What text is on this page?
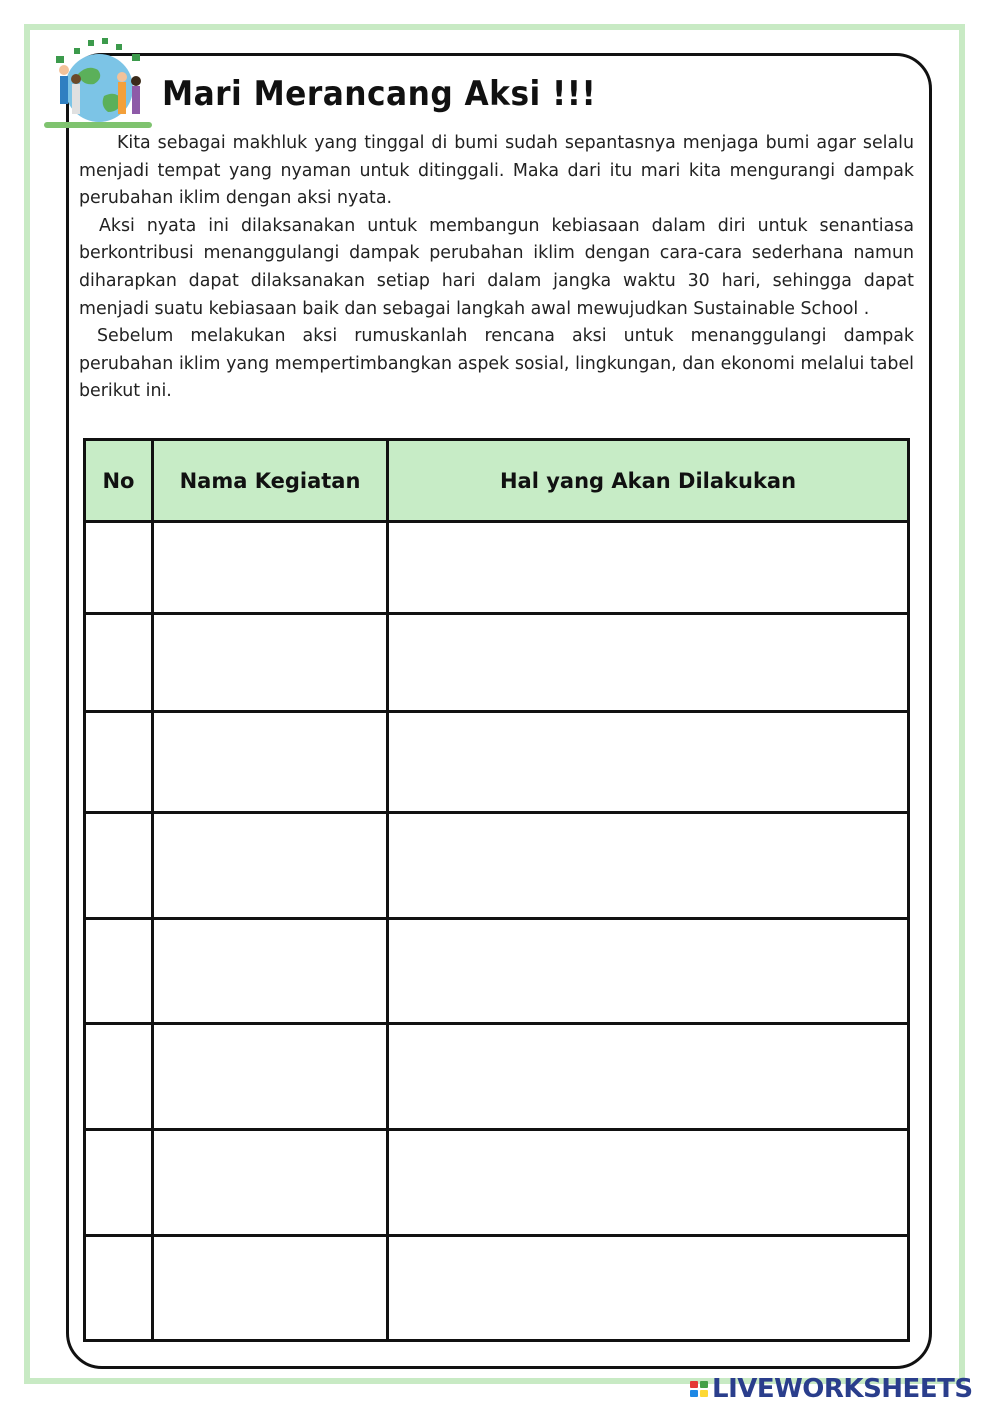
Mari Merancang Aksi !!!

Kita sebagai makhluk yang tinggal di bumi sudah sepantasnya menjaga bumi agar selalu menjadi tempat yang nyaman untuk ditinggali. Maka dari itu mari kita mengurangi dampak perubahan iklim dengan aksi nyata.

Aksi nyata ini dilaksanakan untuk membangun kebiasaan dalam diri untuk senantiasa berkontribusi menanggulangi dampak perubahan iklim dengan cara-cara sederhana namun diharapkan dapat dilaksanakan setiap hari dalam jangka waktu 30 hari, sehingga dapat menjadi suatu kebiasaan baik dan sebagai langkah awal mewujudkan Sustainable School .

Sebelum melakukan aksi rumuskanlah rencana aksi untuk menanggulangi dampak perubahan iklim yang mempertimbangkan aspek sosial, lingkungan, dan ekonomi melalui tabel berikut ini.

No	Nama Kegiatan	Hal yang Akan Dilakukan

LIVEWORKSHEETS
